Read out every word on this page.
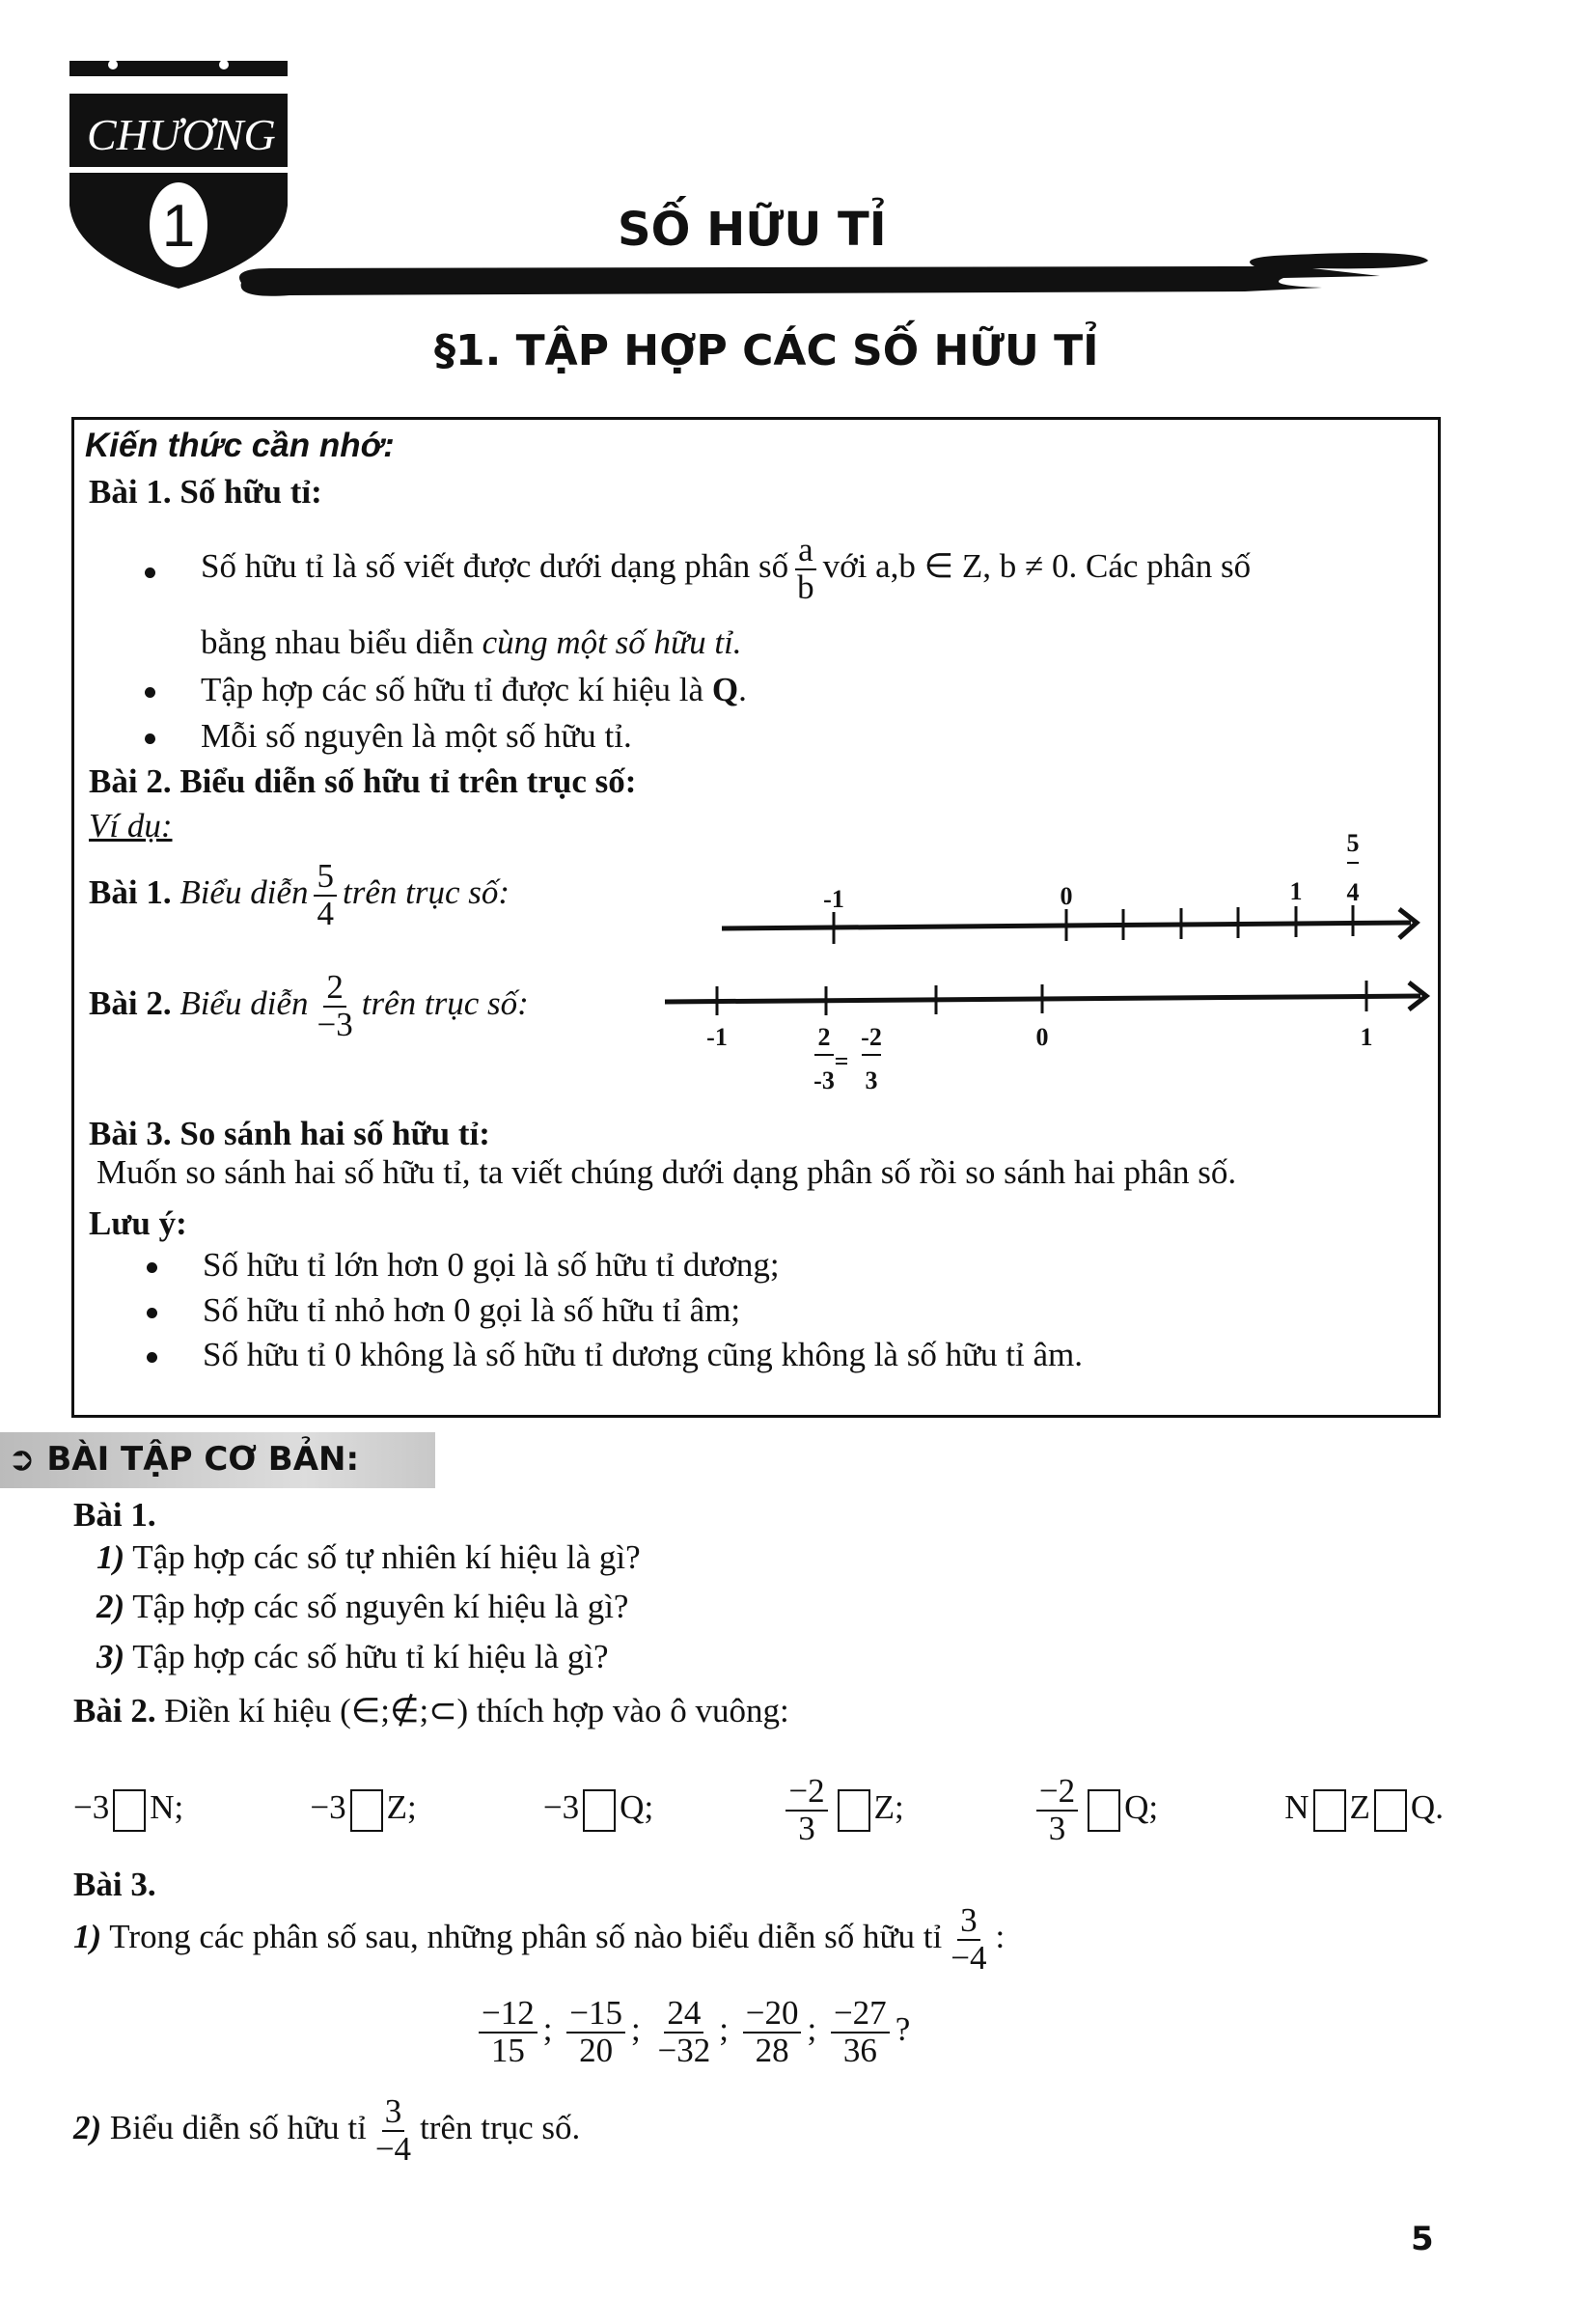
CHƯƠNG
1	SỐ HỮU TỈ
§1. TẬP HỢP CÁC SỐ HỮU TỈ
Kiến thức cần nhớ:
Bài 1. Số hữu tỉ:
Số hữu tỉ là số viết được dưới dạng phân số $\frac{a}{b}$ với a,b ∈ Z, b ≠ 0. Các phân số
bằng nhau biểu diễn cùng một số hữu tỉ.
Tập hợp các số hữu tỉ được kí hiệu là Q.
Mỗi số nguyên là một số hữu tỉ.
Bài 2. Biểu diễn số hữu tỉ trên trục số:
Ví dụ:
Bài 1. Biểu diễn $\frac{5}{4}$ trên trục số:
Bài 2. Biểu diễn $\frac{2}{-3}$ trên trục số:
-1	0	1
5
4
-1	0	1
2
-3
=
-2
3
Bài 3. So sánh hai số hữu tỉ:
Muốn so sánh hai số hữu tỉ, ta viết chúng dưới dạng phân số rồi so sánh hai phân số.
Lưu ý:
Số hữu tỉ lớn hơn 0 gọi là số hữu tỉ dương;
Số hữu tỉ nhỏ hơn 0 gọi là số hữu tỉ âm;
Số hữu tỉ 0 không là số hữu tỉ dương cũng không là số hữu tỉ âm.
➲ BÀI TẬP CƠ BẢN:
Bài 1.
1) Tập hợp các số tự nhiên kí hiệu là gì?
2) Tập hợp các số nguyên kí hiệu là gì?
3) Tập hợp các số hữu tỉ kí hiệu là gì?
Bài 2. Điền kí hiệu (∈;∉;⊂) thích hợp vào ô vuông:
−3 N;	−3 Z;	−3 Q;	$\frac{-2}{3} Z$;	$\frac{-2}{3} Q$;	N Z Q.
Bài 3.
1) Trong các phân số sau, những phân số nào biểu diễn số hữu tỉ $\frac{3}{-4}$ :
$\frac{-12}{15}$ ; $\frac{-15}{20}$ ; $\frac{24}{-32}$ ; $\frac{-20}{28}$ ; $\frac{-27}{36}$ ?
2) Biểu diễn số hữu tỉ $\frac{3}{-4}$ trên trục số.
5
